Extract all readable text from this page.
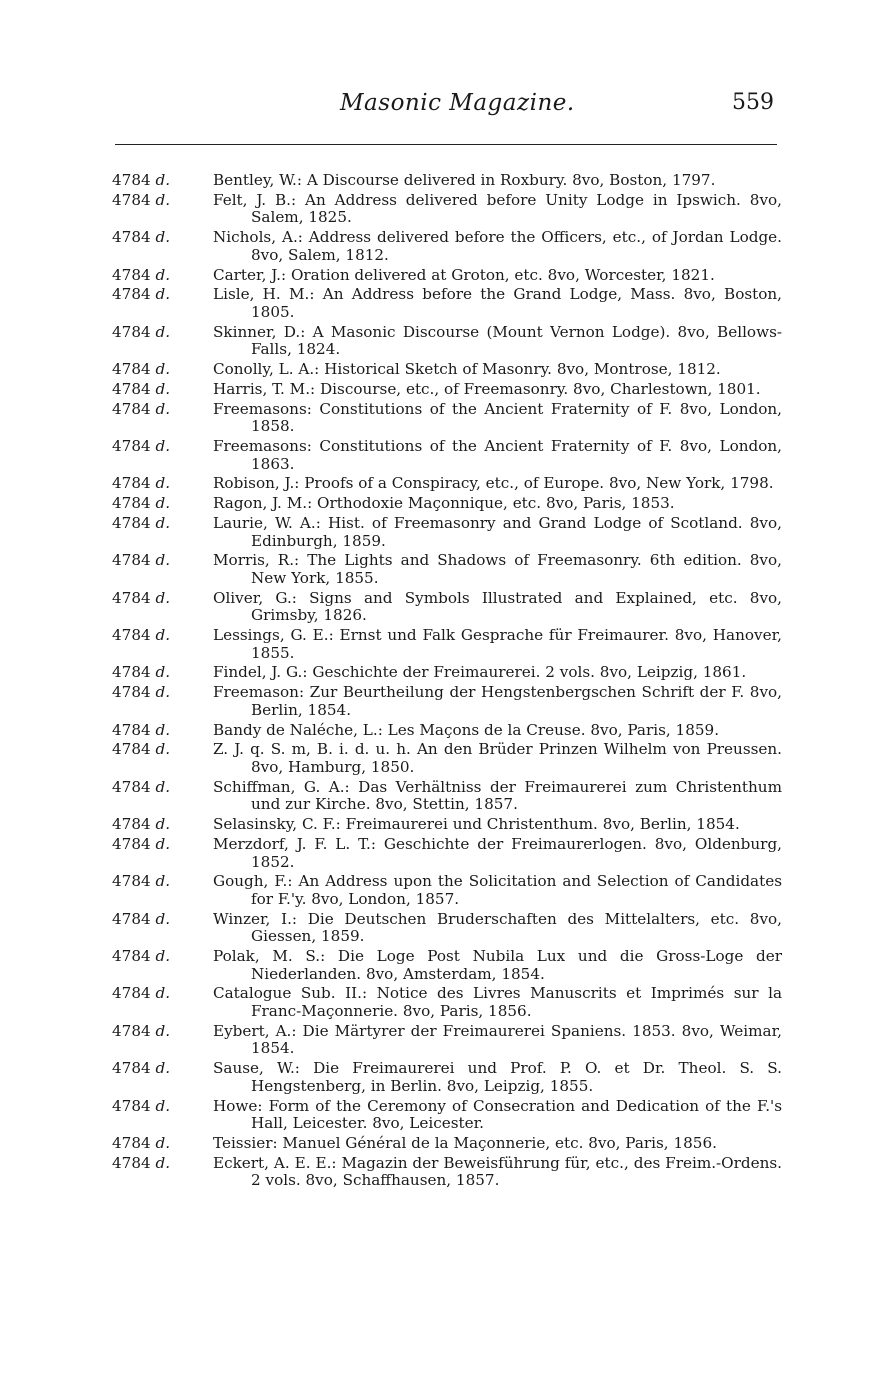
Masonic Magazine.	559
4784 d.	Bentley, W.: A Discourse delivered in Roxbury. 8vo, Boston, 1797.
4784 d.	Felt, J. B.: An Address delivered before Unity Lodge in Ipswich. 8vo, Salem, 1825.
4784 d.	Nichols, A.: Address delivered before the Officers, etc., of Jordan Lodge. 8vo, Salem, 1812.
4784 d.	Carter, J.: Oration delivered at Groton, etc. 8vo, Worcester, 1821.
4784 d.	Lisle, H. M.: An Address before the Grand Lodge, Mass. 8vo, Boston, 1805.
4784 d.	Skinner, D.: A Masonic Discourse (Mount Vernon Lodge). 8vo, Bellows-Falls, 1824.
4784 d.	Conolly, L. A.: Historical Sketch of Masonry. 8vo, Montrose, 1812.
4784 d.	Harris, T. M.: Discourse, etc., of Freemasonry. 8vo, Charlestown, 1801.
4784 d.	Freemasons: Constitutions of the Ancient Fraternity of F. 8vo, London, 1858.
4784 d.	Freemasons: Constitutions of the Ancient Fraternity of F. 8vo, London, 1863.
4784 d.	Robison, J.: Proofs of a Conspiracy, etc., of Europe. 8vo, New York, 1798.
4784 d.	Ragon, J. M.: Orthodoxie Maçonnique, etc. 8vo, Paris, 1853.
4784 d.	Laurie, W. A.: Hist. of Freemasonry and Grand Lodge of Scotland. 8vo, Edinburgh, 1859.
4784 d.	Morris, R.: The Lights and Shadows of Freemasonry. 6th edition. 8vo, New York, 1855.
4784 d.	Oliver, G.: Signs and Symbols Illustrated and Explained, etc. 8vo, Grimsby, 1826.
4784 d.	Lessings, G. E.: Ernst und Falk Gesprache für Freimaurer. 8vo, Hanover, 1855.
4784 d.	Findel, J. G.: Geschichte der Freimaurerei. 2 vols. 8vo, Leipzig, 1861.
4784 d.	Freemason: Zur Beurtheilung der Hengstenbergschen Schrift der F. 8vo, Berlin, 1854.
4784 d.	Bandy de Naléche, L.: Les Maçons de la Creuse. 8vo, Paris, 1859.
4784 d.	Z. J. q. S. m, B. i. d. u. h. An den Brüder Prinzen Wilhelm von Preussen. 8vo, Hamburg, 1850.
4784 d.	Schiffman, G. A.: Das Verhältniss der Freimaurerei zum Christenthum und zur Kirche. 8vo, Stettin, 1857.
4784 d.	Selasinsky, C. F.: Freimaurerei und Christenthum. 8vo, Berlin, 1854.
4784 d.	Merzdorf, J. F. L. T.: Geschichte der Freimaurerlogen. 8vo, Oldenburg, 1852.
4784 d.	Gough, F.: An Address upon the Solicitation and Selection of Candidates for F.'y. 8vo, London, 1857.
4784 d.	Winzer, I.: Die Deutschen Bruderschaften des Mittelalters, etc. 8vo, Giessen, 1859.
4784 d.	Polak, M. S.: Die Loge Post Nubila Lux und die Gross-Loge der Niederlanden. 8vo, Amsterdam, 1854.
4784 d.	Catalogue Sub. II.: Notice des Livres Manuscrits et Imprimés sur la Franc-Maçonnerie. 8vo, Paris, 1856.
4784 d.	Eybert, A.: Die Märtyrer der Freimaurerei Spaniens. 1853. 8vo, Weimar, 1854.
4784 d.	Sause, W.: Die Freimaurerei und Prof. P. O. et Dr. Theol. S. S. Hengstenberg, in Berlin. 8vo, Leipzig, 1855.
4784 d.	Howe: Form of the Ceremony of Consecration and Dedication of the F.'s Hall, Leicester. 8vo, Leicester.
4784 d.	Teissier: Manuel Général de la Maçonnerie, etc. 8vo, Paris, 1856.
4784 d.	Eckert, A. E. E.: Magazin der Beweisführung für, etc., des Freim.-Ordens. 2 vols. 8vo, Schaffhausen, 1857.
